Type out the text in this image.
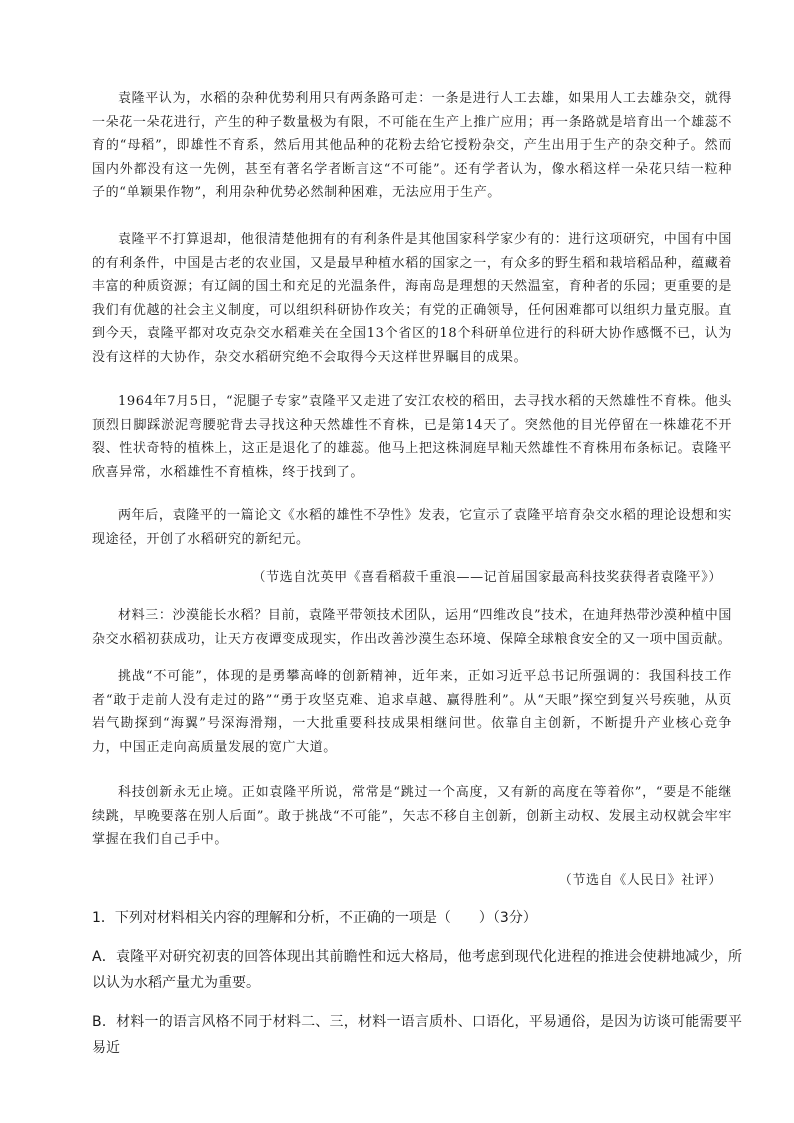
袁隆平认为，水稻的杂种优势利用只有两条路可走：一条是进行人工去雄，如果用人工去雄杂交，就得一朵花一朵花进行，产生的种子数量极为有限，不可能在生产上推广应用；再一条路就是培育出一个雄蕊不育的“母稻”，即雄性不育系，然后用其他品种的花粉去给它授粉杂交，产生出用于生产的杂交种子。然而国内外都没有这一先例，甚至有著名学者断言这“不可能”。还有学者认为，像水稻这样一朵花只结一粒种子的“单颖果作物”，利用杂种优势必然制种困难，无法应用于生产。

袁隆平不打算退却，他很清楚他拥有的有利条件是其他国家科学家少有的：进行这项研究，中国有中国的有利条件，中国是古老的农业国，又是最早种植水稻的国家之一，有众多的野生稻和栽培稻品种，蕴藏着丰富的种质资源；有辽阔的国土和充足的光温条件，海南岛是理想的天然温室，育种者的乐园；更重要的是我们有优越的社会主义制度，可以组织科研协作攻关；有党的正确领导，任何困难都可以组织力量克服。直到今天，袁隆平都对攻克杂交水稻难关在全国13个省区的18个科研单位进行的科研大协作感慨不已，认为没有这样的大协作，杂交水稻研究绝不会取得今天这样世界瞩目的成果。

1964年7月5日，“泥腿子专家”袁隆平又走进了安江农校的稻田，去寻找水稻的天然雄性不育株。他头顶烈日脚踩淤泥弯腰驼背去寻找这种天然雄性不育株，已是第14天了。突然他的目光停留在一株雄花不开裂、性状奇特的植株上，这正是退化了的雄蕊。他马上把这株洞庭早籼天然雄性不育株用布条标记。袁隆平欣喜异常，水稻雄性不育植株，终于找到了。

两年后，袁隆平的一篇论文《水稻的雄性不孕性》发表，它宣示了袁隆平培育杂交水稻的理论设想和实现途径，开创了水稻研究的新纪元。

（节选自沈英甲《喜看稻菽千重浪——记首届国家最高科技奖获得者袁隆平》）

材料三：沙漠能长水稻？目前，袁隆平带领技术团队，运用“四维改良”技术，在迪拜热带沙漠种植中国杂交水稻初获成功，让天方夜谭变成现实，作出改善沙漠生态环境、保障全球粮食安全的又一项中国贡献。

挑战“不可能”，体现的是勇攀高峰的创新精神，近年来，正如习近平总书记所强调的：我国科技工作者“敢于走前人没有走过的路”“勇于攻坚克难、追求卓越、赢得胜利”。从“天眼”探空到复兴号疾驰，从页岩气勘探到“海翼”号深海滑翔，一大批重要科技成果相继问世。依靠自主创新，不断提升产业核心竞争力，中国正走向高质量发展的宽广大道。

科技创新永无止境。正如袁隆平所说，常常是“跳过一个高度，又有新的高度在等着你”，“要是不能继续跳，早晚要落在别人后面”。敢于挑战“不可能”，矢志不移自主创新，创新主动权、发展主动权就会牢牢掌握在我们自己手中。

（节选自《人民日》社评）

1．下列对材料相关内容的理解和分析，不正确的一项是（　　）（3分）

A．袁隆平对研究初衷的回答体现出其前瞻性和远大格局，他考虑到现代化进程的推进会使耕地减少，所以认为水稻产量尤为重要。

B．材料一的语言风格不同于材料二、三，材料一语言质朴、口语化，平易通俗，是因为访谈可能需要平易近
